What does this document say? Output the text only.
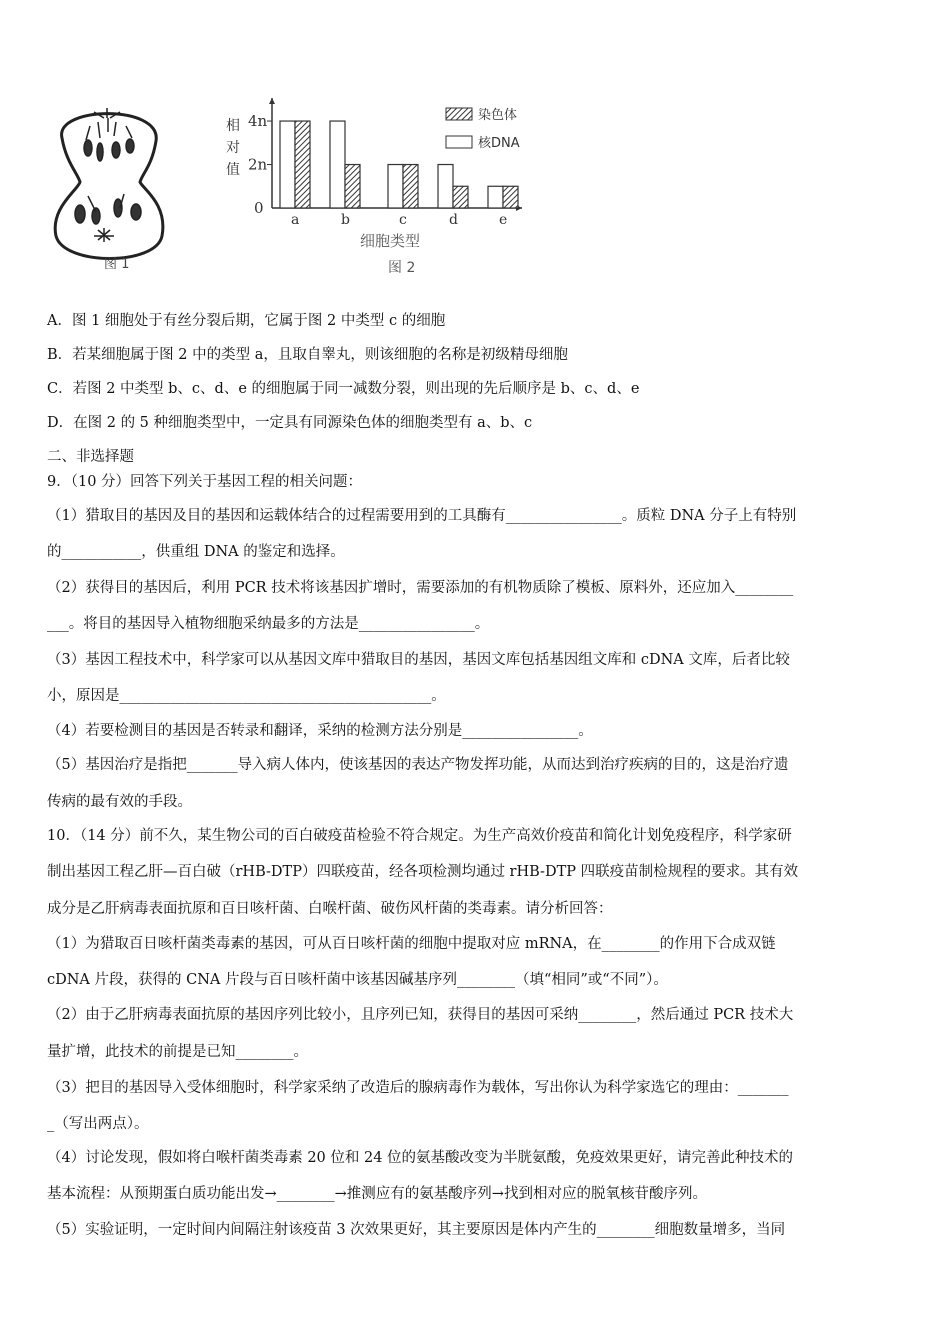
图 1
相
对
值
4n
2n
0
a	b	c	d	e
染色体
核DNA
细胞类型
图 2
A．图 1 细胞处于有丝分裂后期，它属于图 2 中类型 c 的细胞
B．若某细胞属于图 2 中的类型 a，且取自睾丸，则该细胞的名称是初级精母细胞
C．若图 2 中类型 b、c、d、e 的细胞属于同一减数分裂，则出现的先后顺序是 b、c、d、e
D．在图 2 的 5 种细胞类型中，一定具有同源染色体的细胞类型有 a、b、c
二、非选择题
9．（10 分）回答下列关于基因工程的相关问题：
（1）猎取目的基因及目的基因和运载体结合的过程需要用到的工具酶有________________。质粒 DNA 分子上有特别
的___________，供重组 DNA 的鉴定和选择。
（2）获得目的基因后，利用 PCR 技术将该基因扩增时，需要添加的有机物质除了模板、原料外，还应加入________
___。将目的基因导入植物细胞采纳最多的方法是________________。
（3）基因工程技术中，科学家可以从基因文库中猎取目的基因，基因文库包括基因组文库和 cDNA 文库，后者比较
小，原因是___________________________________________。
（4）若要检测目的基因是否转录和翻译，采纳的检测方法分别是________________。
（5）基因治疗是指把_______导入病人体内，使该基因的表达产物发挥功能，从而达到治疗疾病的目的，这是治疗遗
传病的最有效的手段。
10．（14 分）前不久，某生物公司的百白破疫苗检验不符合规定。为生产高效价疫苗和简化计划免疫程序，科学家研
制出基因工程乙肝—百白破（rHB-DTP）四联疫苗，经各项检测均通过 rHB-DTP 四联疫苗制检规程的要求。其有效
成分是乙肝病毒表面抗原和百日咳杆菌、白喉杆菌、破伤风杆菌的类毒素。请分析回答：
（1）为猎取百日咳杆菌类毒素的基因，可从百日咳杆菌的细胞中提取对应 mRNA，在________的作用下合成双链
cDNA 片段，获得的 CNA 片段与百日咳杆菌中该基因碱基序列________（填“相同”或“不同”）。
（2）由于乙肝病毒表面抗原的基因序列比较小，且序列已知，获得目的基因可采纳________，然后通过 PCR 技术大
量扩增，此技术的前提是已知________。
（3）把目的基因导入受体细胞时，科学家采纳了改造后的腺病毒作为载体，写出你认为科学家选它的理由：_______
_（写出两点）。
（4）讨论发现，假如将白喉杆菌类毒素 20 位和 24 位的氨基酸改变为半胱氨酸，免疫效果更好，请完善此种技术的
基本流程：从预期蛋白质功能出发→________→推测应有的氨基酸序列→找到相对应的脱氧核苷酸序列。
（5）实验证明，一定时间内间隔注射该疫苗 3 次效果更好，其主要原因是体内产生的________细胞数量增多，当同
